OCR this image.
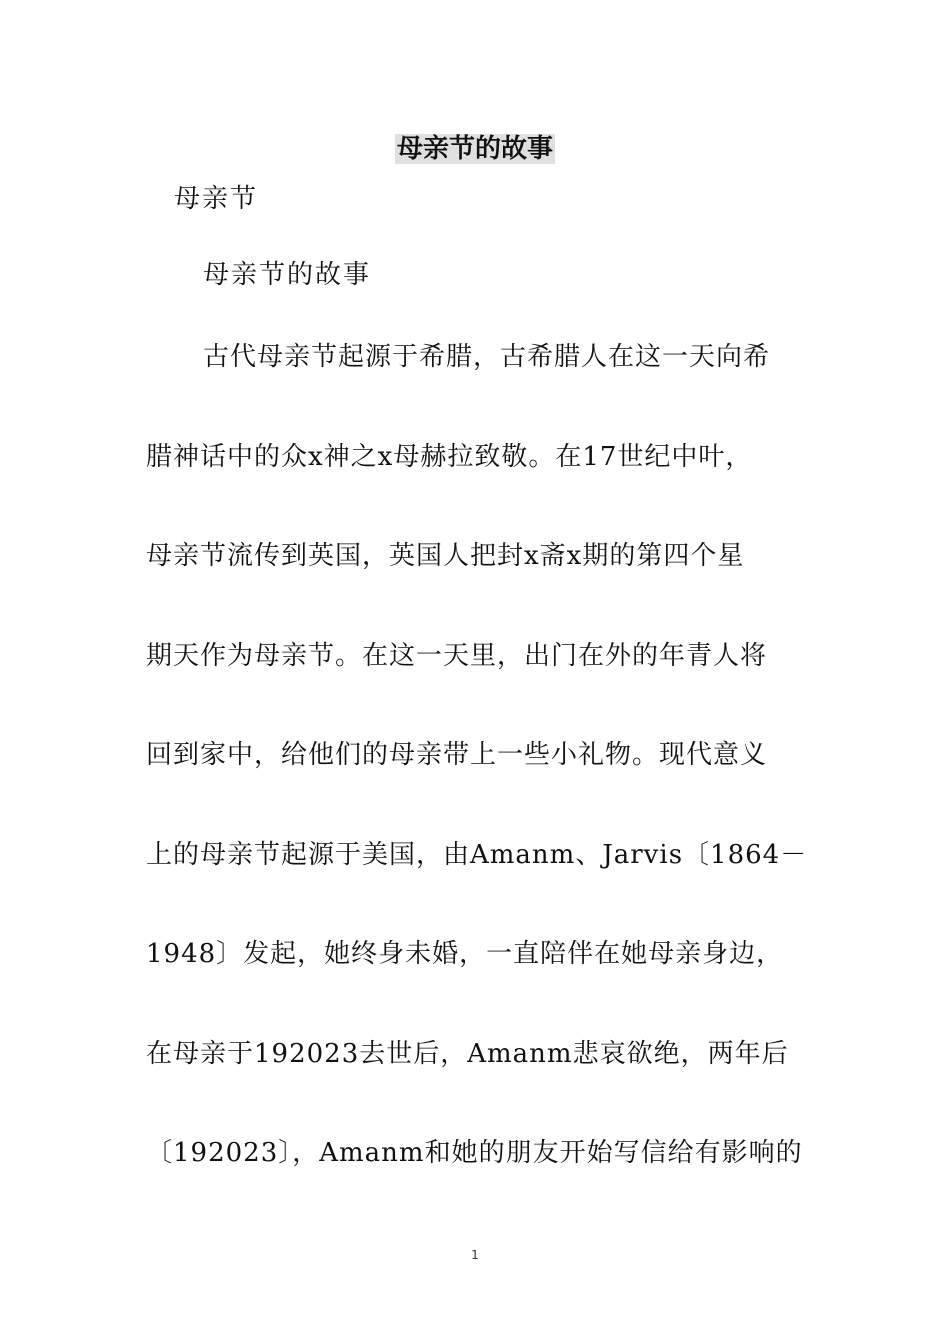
母亲节的故事
母亲节
母亲节的故事
古代母亲节起源于希腊，古希腊人在这一天向希
腊神话中的众x神之x母赫拉致敬。在17世纪中叶，
母亲节流传到英国，英国人把封x斋x期的第四个星
期天作为母亲节。在这一天里，出门在外的年青人将
回到家中，给他们的母亲带上一些小礼物。现代意义
上的母亲节起源于美国，由Amanm、Jarvis〔1864－
1948〕发起，她终身未婚，一直陪伴在她母亲身边，
在母亲于192023去世后，Amanm悲哀欲绝，两年后
〔192023〕，Amanm和她的朋友开始写信给有影响的
1
